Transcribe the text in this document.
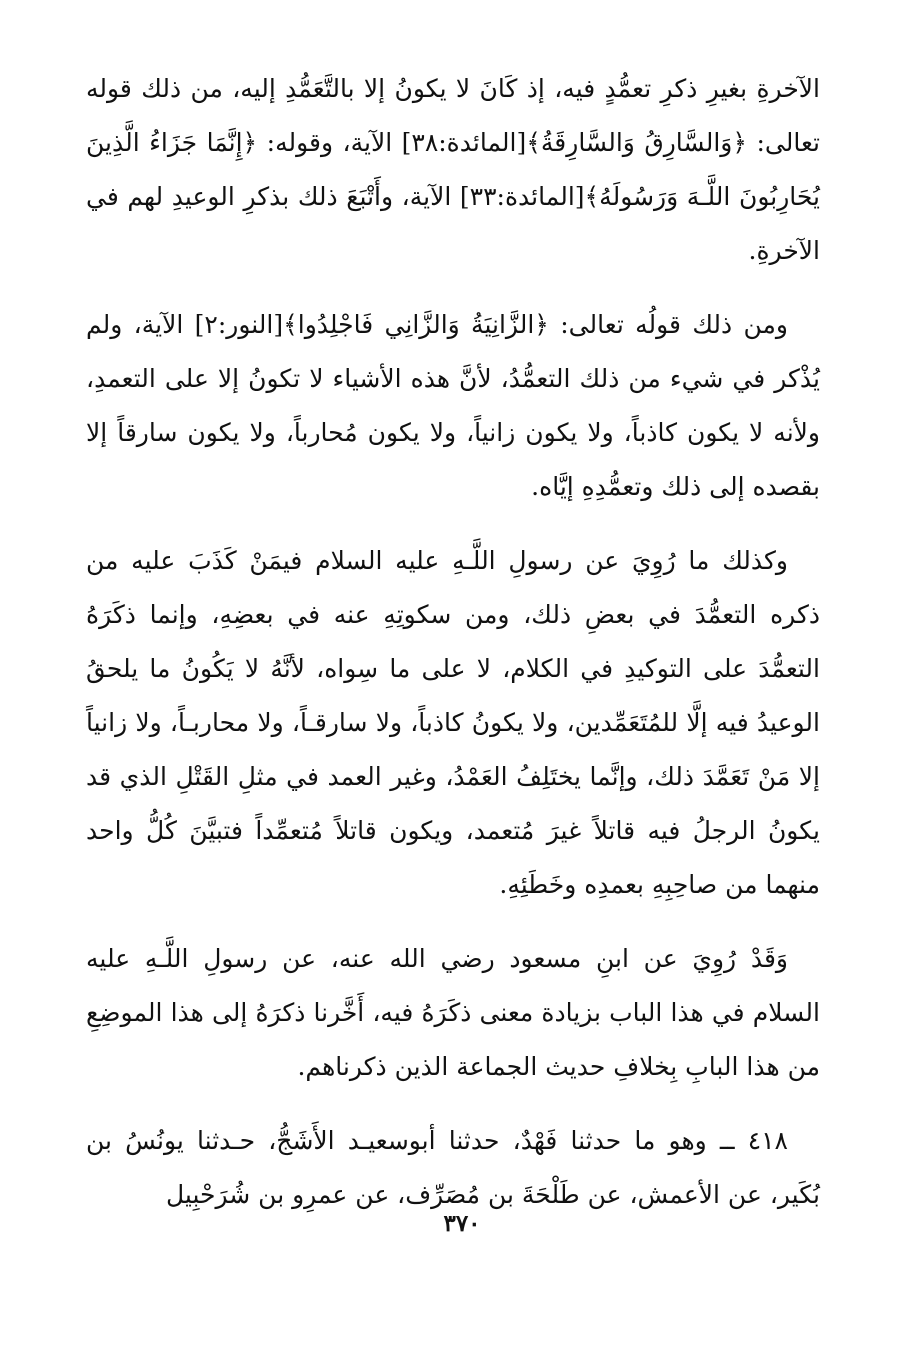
الآخرةِ بغيرِ ذكرِ تعمُّدٍ فيه، إذ كَانَ لا يكونُ إلا بالتَّعَمُّدِ إليه، من ذلك قوله تعالى: ﴿وَالسَّارِقُ وَالسَّارِقَةُ﴾[المائدة:٣٨] الآية، وقوله: ﴿إِنَّمَا جَزَاءُ الَّذِينَ يُحَارِبُونَ اللَّـهَ وَرَسُولَهُ﴾[المائدة:٣٣] الآية، وأَتْبَعَ ذلك بذكرِ الوعيدِ لهم في الآخرةِ.

ومن ذلك قولُه تعالى: ﴿الزَّانِيَةُ وَالزَّانِي فَاجْلِدُوا﴾[النور:٢] الآية، ولم يُذْكر في شيء من ذلك التعمُّدُ، لأنَّ هذه الأشياء لا تكونُ إلا على التعمدِ، ولأنه لا يكون كاذباً، ولا يكون زانياً، ولا يكون مُحارباً، ولا يكون سارقاً إلا بقصده إلى ذلك وتعمُّدِهِ إيَّاه.

وكذلك ما رُوِيَ عن رسولِ اللَّـهِ عليه السلام فيمَنْ كَذَبَ عليه من ذكره التعمُّدَ في بعضِ ذلك، ومن سكوتِهِ عنه في بعضِهِ، وإنما ذكَرَهُ التعمُّدَ على التوكيدِ في الكلام، لا على ما سِواه، لأنَّهُ لا يَكُونُ ما يلحقُ الوعيدُ فيه إلَّا للمُتَعَمِّدين، ولا يكونُ كاذباً، ولا سارقـاً، ولا محاربـاً، ولا زانياً إلا مَنْ تَعَمَّدَ ذلك، وإنَّما يختَلِفُ العَمْدُ، وغير العمد في مثلِ القَتْلِ الذي قد يكونُ الرجلُ فيه قاتلاً غيرَ مُتعمد، ويكون قاتلاً مُتعمِّداً فتبيَّنَ كُلُّ واحد منهما من صاحِبِهِ بعمدِه وخَطَئِهِ.

وَقَدْ رُوِيَ عن ابنِ مسعود رضي الله عنه، عن رسولِ اللَّـهِ عليه السلام في هذا الباب بزيادة معنى ذكَرَهُ فيه، أَخَّرنا ذكرَهُ إلى هذا الموضِعِ من هذا البابِ بِخلافِ حديث الجماعة الذين ذكرناهم.

٤١٨ ــ وهو ما حدثنا فَهْدٌ، حدثنا أبوسعيـد الأَشَجُّ، حـدثنا يونُسُ بن بُكَير، عن الأعمش، عن طَلْحَةَ بن مُصَرِّف، عن عمرِو بن شُرَحْبِيل

٣٧٠
